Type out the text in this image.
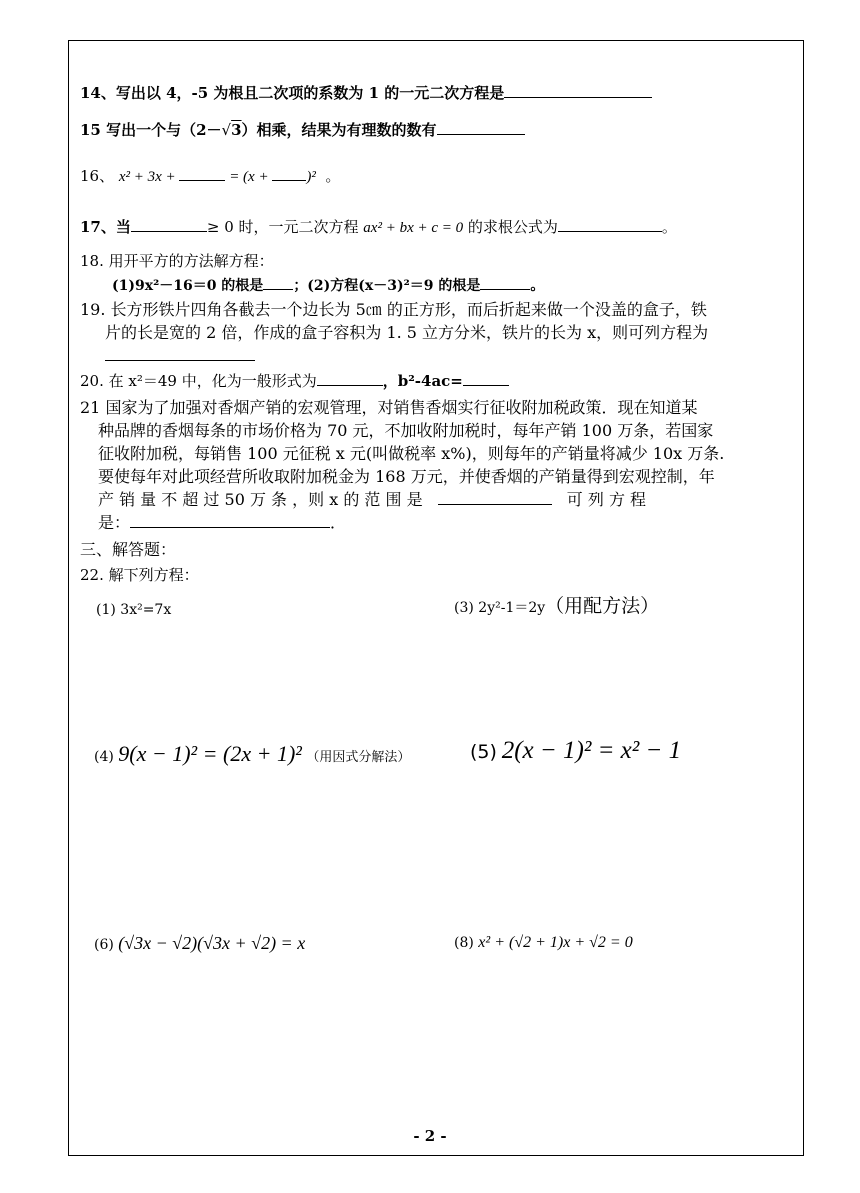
14、写出以 4，-5 为根且二次项的系数为 1 的一元二次方程是
15 写出一个与（2－√3）相乘，结果为有理数的数有
16、 x² + 3x +	= (x + )² 。
17、当	≥ 0 时，一元二次方程 ax² + bx + c = 0 的求根公式为	。
18. 用开平方的方法解方程：
(1)9x²－16＝0 的根是 ；(2)方程(x－3)²＝9 的根是	。
19. 长方形铁片四角各截去一个边长为 5㎝ 的正方形，而后折起来做一个没盖的盒子，铁
片的长是宽的 2 倍，作成的盒子容积为 1. 5 立方分米，铁片的长为 x，则可列方程为
20. 在 x²＝49 中，化为一般形式为	，b²-4ac=
21 国家为了加强对香烟产销的宏观管理，对销售香烟实行征收附加税政策．现在知道某
种品牌的香烟每条的市场价格为 70 元，不加收附加税时，每年产销 100 万条，若国家
征收附加税，每销售 100 元征税 x 元(叫做税率 x%)，则每年的产销量将减少 10x 万条.
要使每年对此项经营所收取附加税金为 168 万元，并使香烟的产销量得到宏观控制，年
产 销 量 不 超 过 50 万 条 ，则 x 的 范 围 是	可 列 方 程
是：	．
三、解答题：
22. 解下列方程：
(1) 3x²=7x	(3) 2y²-1＝2y（用配方法）
(4) 9(x − 1)² = (2x + 1)² （用因式分解法）	(5) 2(x − 1)² = x² − 1
(6) (√3x − √2)(√3x + √2) = x	(8) x² + (√2 + 1)x + √2 = 0
- 2 -
